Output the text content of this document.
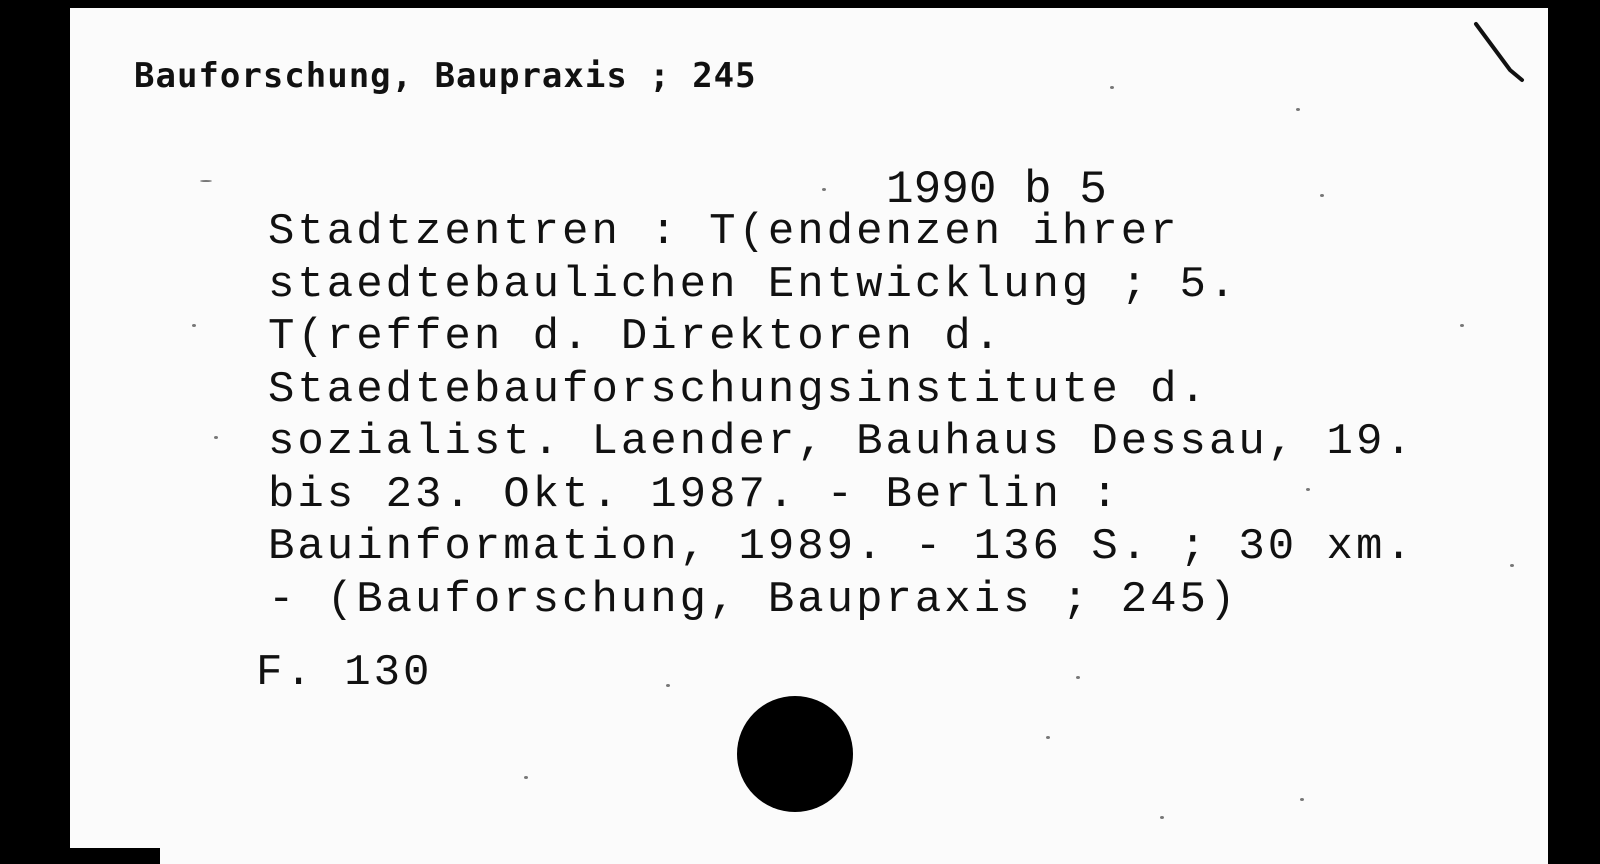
Bauforschung, Baupraxis ; 245
1990 b 5
Stadtzentren : T(endenzen ihrer
staedtebaulichen Entwicklung ; 5.
T(reffen d. Direktoren d.
Staedtebauforschungsinstitute d.
sozialist. Laender, Bauhaus Dessau, 19.
bis 23. Okt. 1987. - Berlin :
Bauinformation, 1989. - 136 S. ; 30 xm.
- (Bauforschung, Baupraxis ; 245)
F. 130
